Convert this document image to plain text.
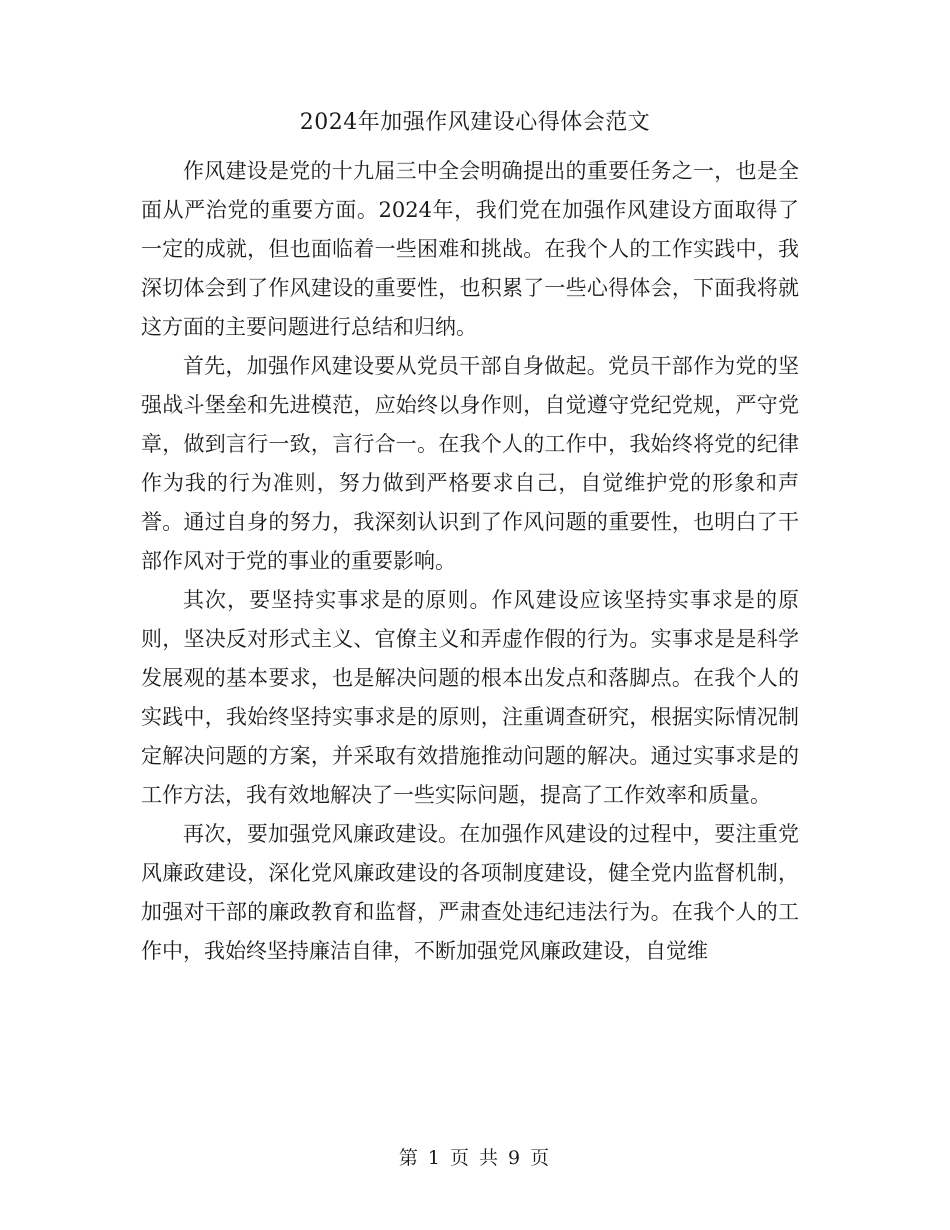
2024年加强作风建设心得体会范文

作风建设是党的十九届三中全会明确提出的重要任务之一，也是全面从严治党的重要方面。2024年，我们党在加强作风建设方面取得了一定的成就，但也面临着一些困难和挑战。在我个人的工作实践中，我深切体会到了作风建设的重要性，也积累了一些心得体会，下面我将就这方面的主要问题进行总结和归纳。

首先，加强作风建设要从党员干部自身做起。党员干部作为党的坚强战斗堡垒和先进模范，应始终以身作则，自觉遵守党纪党规，严守党章，做到言行一致，言行合一。在我个人的工作中，我始终将党的纪律作为我的行为准则，努力做到严格要求自己，自觉维护党的形象和声誉。通过自身的努力，我深刻认识到了作风问题的重要性，也明白了干部作风对于党的事业的重要影响。

其次，要坚持实事求是的原则。作风建设应该坚持实事求是的原则，坚决反对形式主义、官僚主义和弄虚作假的行为。实事求是是科学发展观的基本要求，也是解决问题的根本出发点和落脚点。在我个人的实践中，我始终坚持实事求是的原则，注重调查研究，根据实际情况制定解决问题的方案，并采取有效措施推动问题的解决。通过实事求是的工作方法，我有效地解决了一些实际问题，提高了工作效率和质量。

再次，要加强党风廉政建设。在加强作风建设的过程中，要注重党风廉政建设，深化党风廉政建设的各项制度建设，健全党内监督机制，加强对干部的廉政教育和监督，严肃查处违纪违法行为。在我个人的工作中，我始终坚持廉洁自律，不断加强党风廉政建设，自觉维

第 1 页 共 9 页
